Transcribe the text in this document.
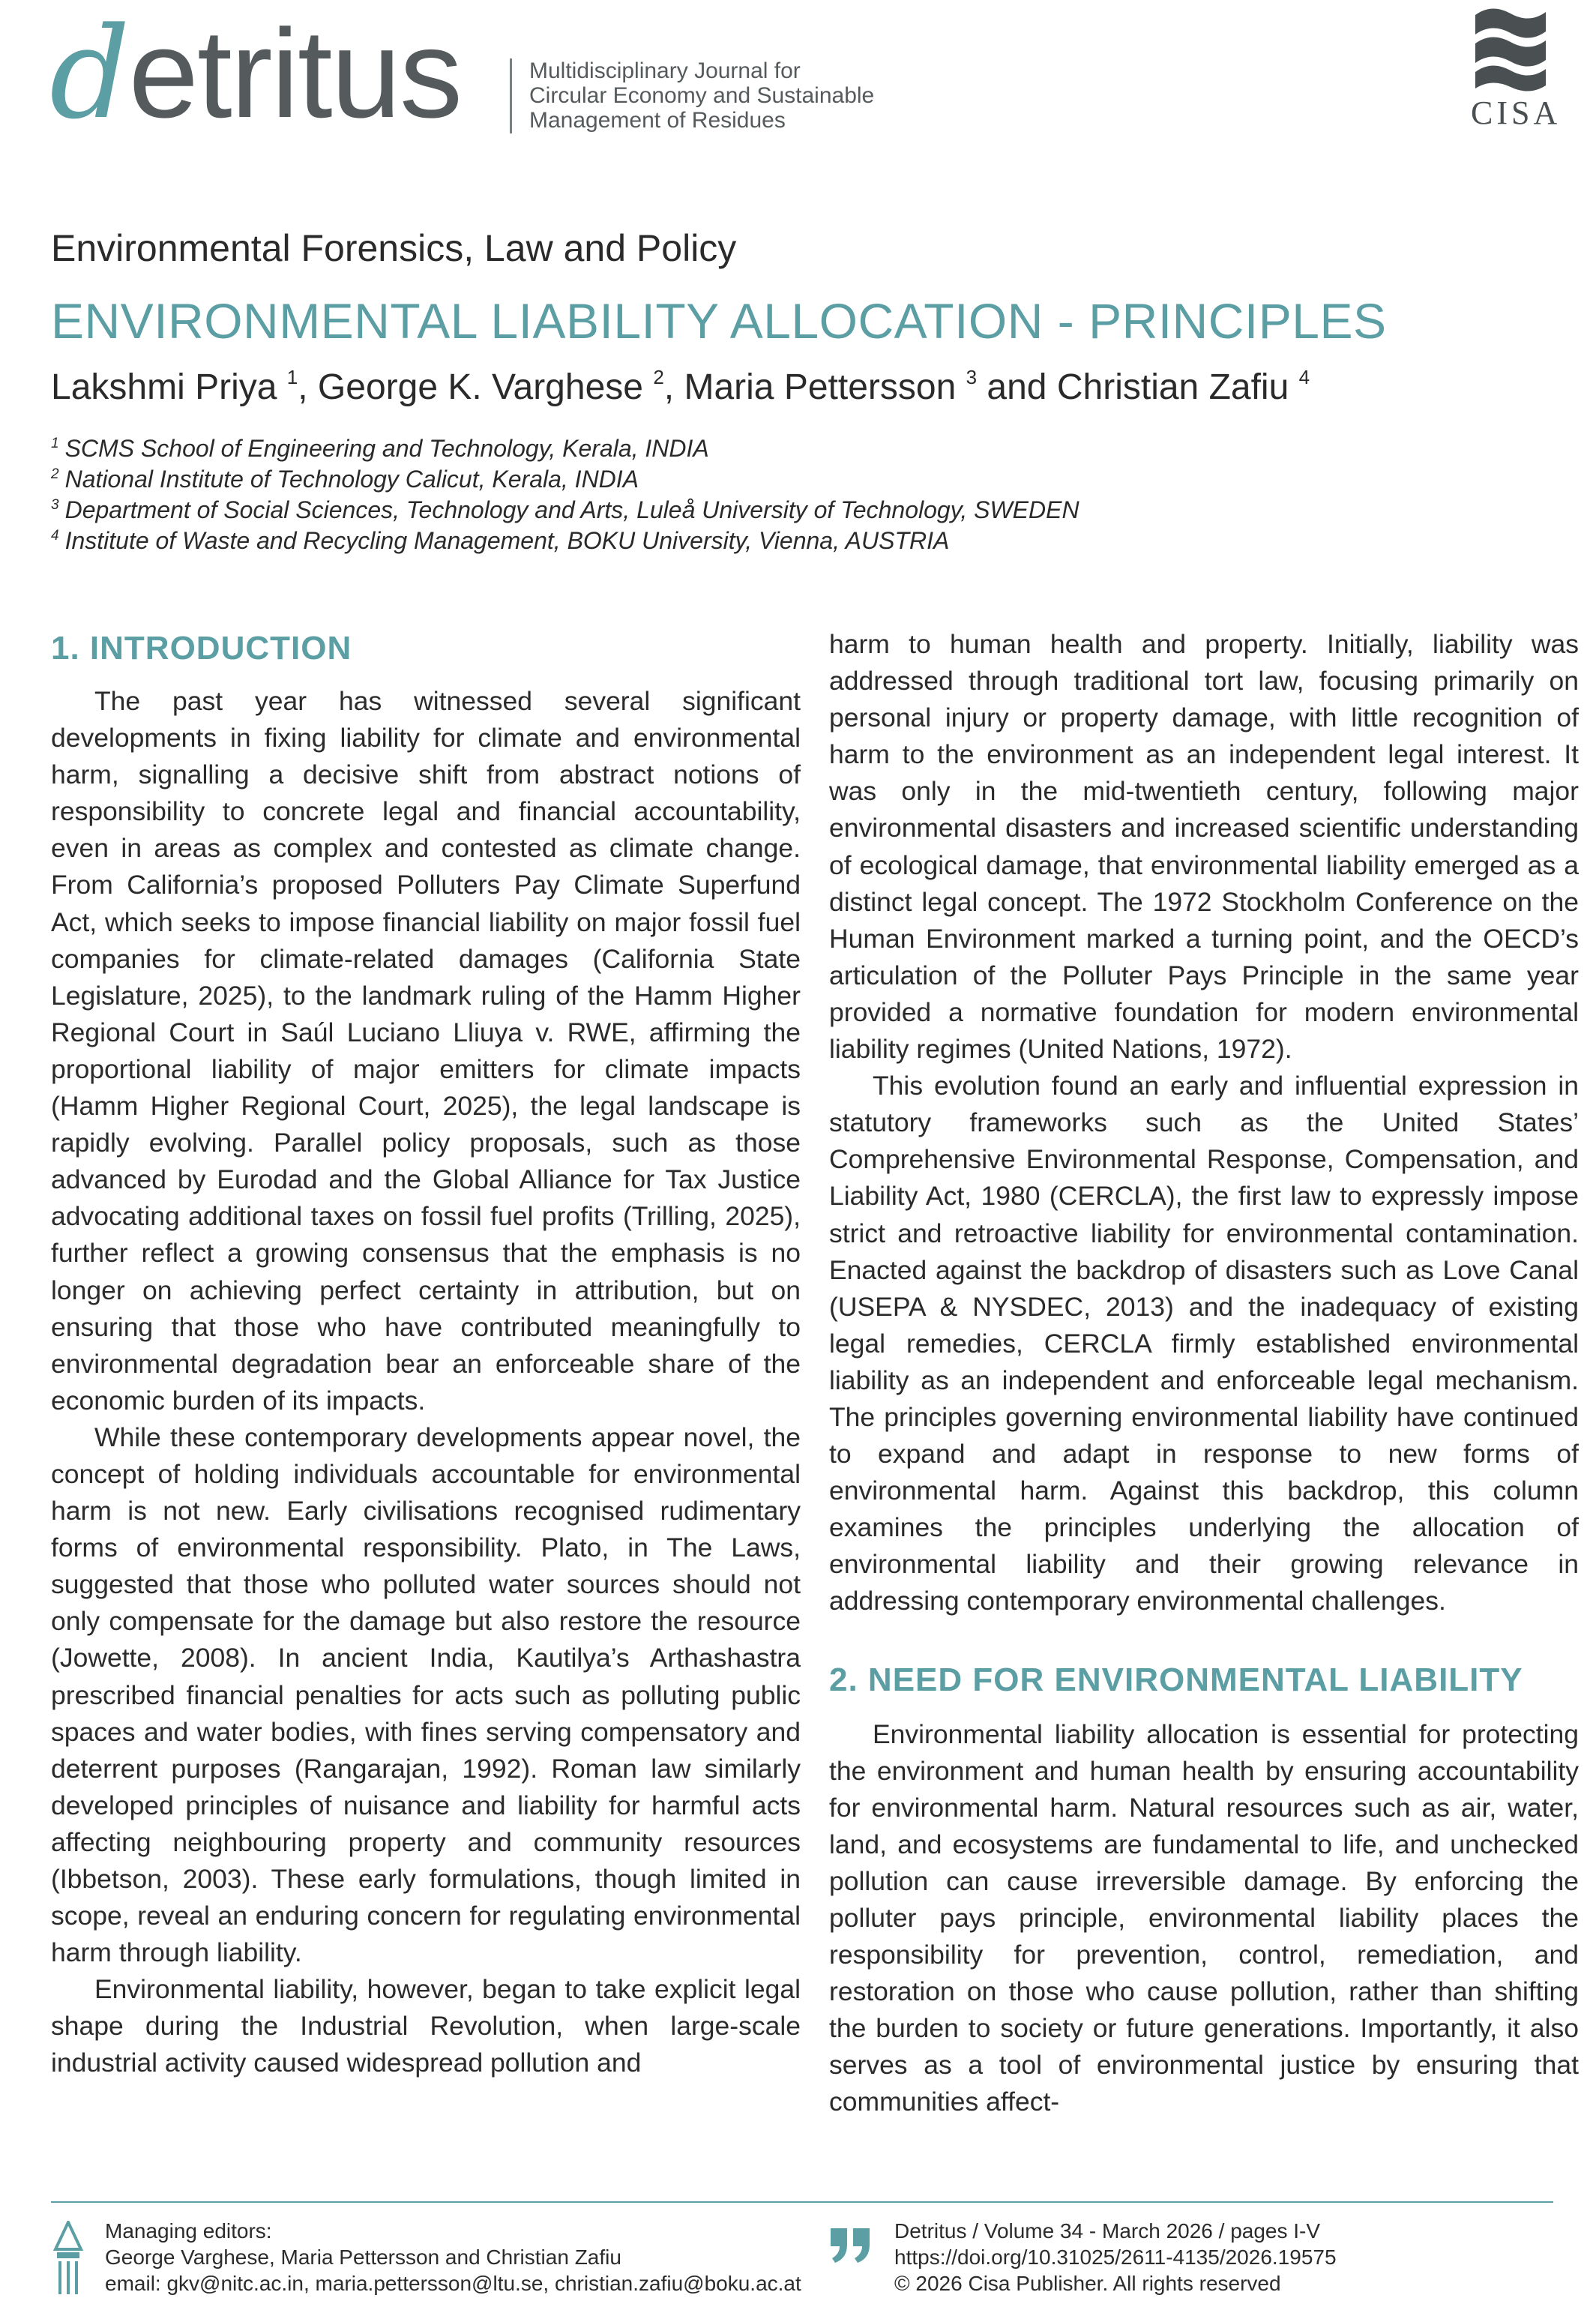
detritus	Multidisciplinary Journal for
Circular Economy and Sustainable
Management of Residues	CISA
Environmental Forensics, Law and Policy
ENVIRONMENTAL LIABILITY ALLOCATION - PRINCIPLES
Lakshmi Priya $^1$, George K. Varghese $^2$, Maria Pettersson $^3$ and Christian Zafiu $^4$
$^1$ SCMS School of Engineering and Technology, Kerala, INDIA
$^2$ National Institute of Technology Calicut, Kerala, INDIA
$^3$ Department of Social Sciences, Technology and Arts, Luleå University of Technology, SWEDEN
$^4$ Institute of Waste and Recycling Management, BOKU University, Vienna, AUSTRIA
1. INTRODUCTION

The past year has witnessed several significant developments in fixing liability for climate and environmental harm, signalling a decisive shift from abstract notions of responsibility to concrete legal and financial accountability, even in areas as complex and contested as climate change. From California’s proposed Polluters Pay Climate Superfund Act, which seeks to impose financial liability on major fossil fuel companies for climate-related damages (California State Legislature, 2025), to the landmark ruling of the Hamm Higher Regional Court in Saúl Luciano Lliuya v. RWE, affirming the proportional liability of major emitters for climate impacts (Hamm Higher Regional Court, 2025), the legal landscape is rapidly evolving. Parallel policy proposals, such as those advanced by Eurodad and the Global Alliance for Tax Justice advocating additional taxes on fossil fuel profits (Trilling, 2025), further reflect a growing consensus that the emphasis is no longer on achieving perfect certainty in attribution, but on ensuring that those who have contributed meaningfully to environmental degradation bear an enforceable share of the economic burden of its impacts.

While these contemporary developments appear novel, the concept of holding individuals accountable for environmental harm is not new. Early civilisations recognised rudimentary forms of environmental responsibility. Plato, in The Laws, suggested that those who polluted water sources should not only compensate for the damage but also restore the resource (Jowette, 2008). In ancient India, Kautilya’s Arthashastra prescribed financial penalties for acts such as polluting public spaces and water bodies, with fines serving compensatory and deterrent purposes (Rangarajan, 1992). Roman law similarly developed principles of nuisance and liability for harmful acts affecting neighbouring property and community resources (Ibbetson, 2003). These early formulations, though limited in scope, reveal an enduring concern for regulating environmental harm through liability.

Environmental liability, however, began to take explicit legal shape during the Industrial Revolution, when large-scale industrial activity caused widespread pollution and

harm to human health and property. Initially, liability was addressed through traditional tort law, focusing primarily on personal injury or property damage, with little recognition of harm to the environment as an independent legal interest. It was only in the mid-twentieth century, following major environmental disasters and increased scientific understanding of ecological damage, that environmental liability emerged as a distinct legal concept. The 1972 Stockholm Conference on the Human Environment marked a turning point, and the OECD’s articulation of the Polluter Pays Principle in the same year provided a normative foundation for modern environmental liability regimes (United Nations, 1972).

This evolution found an early and influential expression in statutory frameworks such as the United States’ Comprehensive Environmental Response, Compensation, and Liability Act, 1980 (CERCLA), the first law to expressly impose strict and retroactive liability for environmental contamination. Enacted against the backdrop of disasters such as Love Canal (USEPA & NYSDEC, 2013) and the inadequacy of existing legal remedies, CERCLA firmly established environmental liability as an independent and enforceable legal mechanism. The principles governing environmental liability have continued to expand and adapt in response to new forms of environmental harm. Against this backdrop, this column examines the principles underlying the allocation of environmental liability and their growing relevance in addressing contemporary environmental challenges.

2. NEED FOR ENVIRONMENTAL LIABILITY

Environmental liability allocation is essential for protecting the environment and human health by ensuring accountability for environmental harm. Natural resources such as air, water, land, and ecosystems are fundamental to life, and unchecked pollution can cause irreversible damage. By enforcing the polluter pays principle, environmental liability places the responsibility for prevention, control, remediation, and restoration on those who cause pollution, rather than shifting the burden to society or future generations. Importantly, it also serves as a tool of environmental justice by ensuring that communities affect-

Managing editors:
George Varghese, Maria Pettersson and Christian Zafiu
email: gkv@nitc.ac.in, maria.pettersson@ltu.se, christian.zafiu@boku.ac.at
Detritus / Volume 34 - March 2026 / pages I-V
https://doi.org/10.31025/2611-4135/2026.19575
© 2026 Cisa Publisher. All rights reserved
